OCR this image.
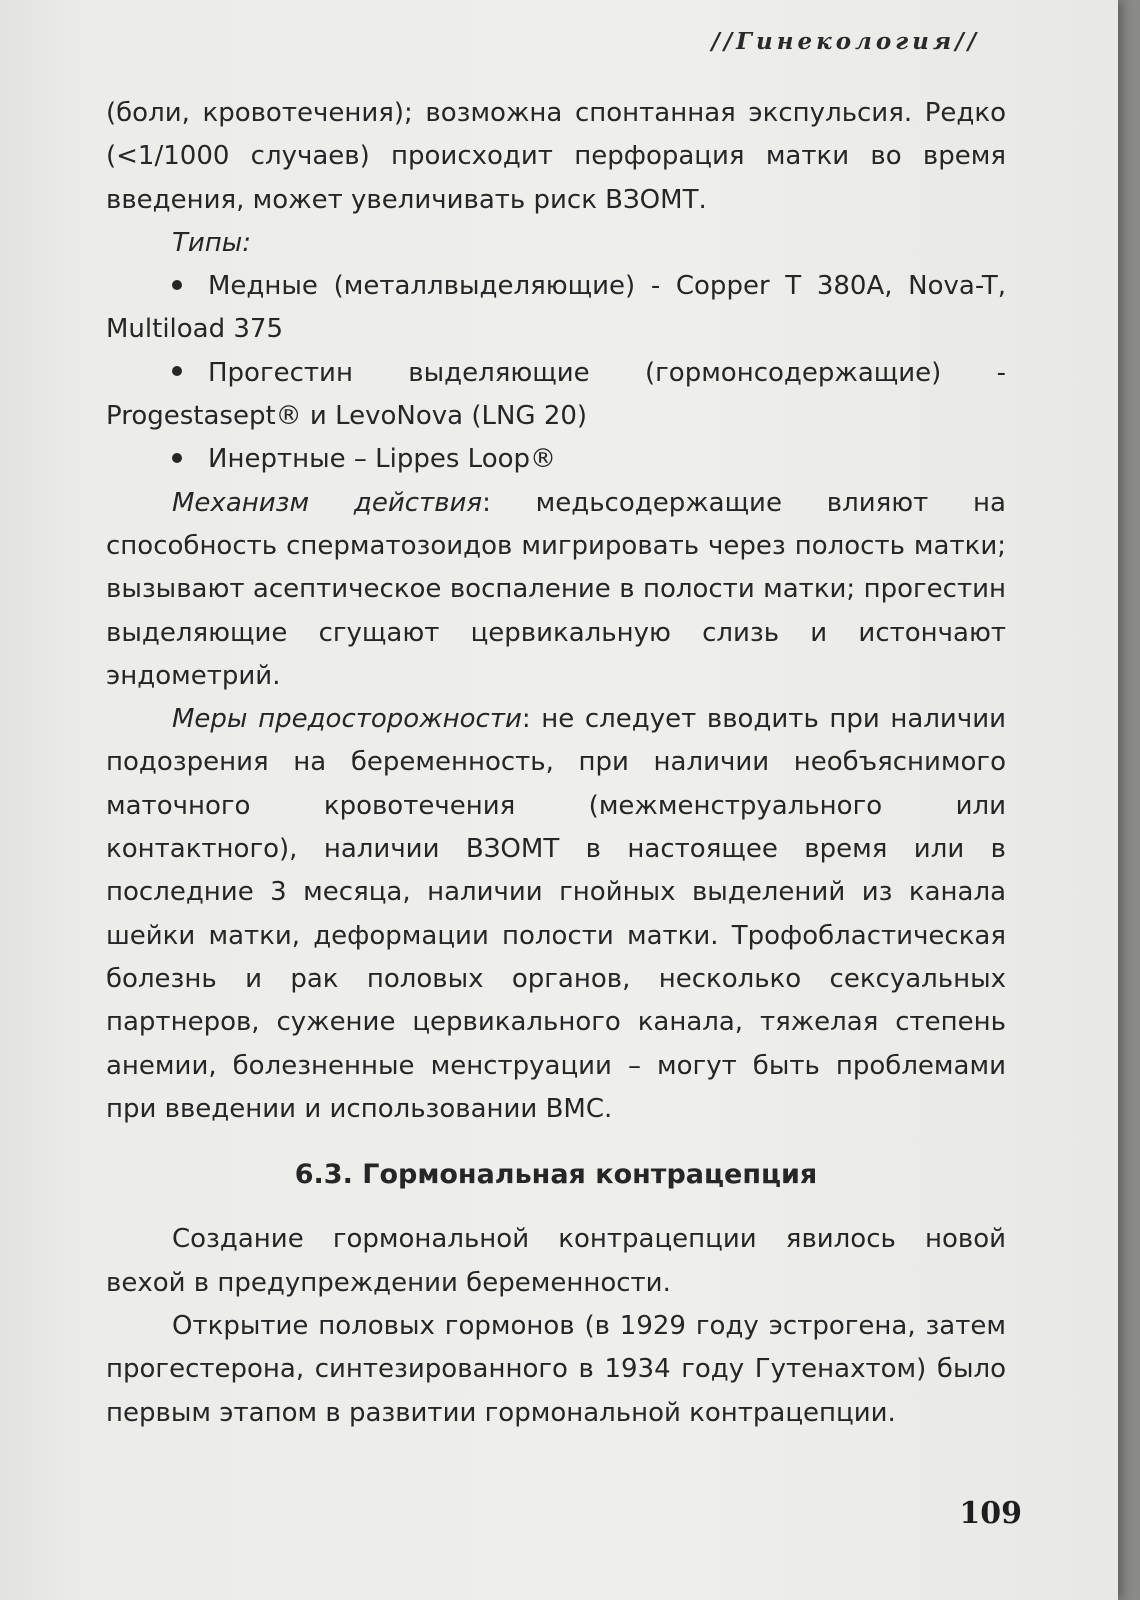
//Гинекология//

(боли, кровотечения); возможна спонтанная экспульсия. Редко (<1/1000 случаев) происходит перфорация матки во время введения, может увеличивать риск ВЗОМТ.

Типы:

Медные (металлвыделяющие) - Copper T 380A, Nova-T, Multiload 375

Прогестин выделяющие (гормонсодержащие) - Progestasept® и LevoNova (LNG 20)

Инертные – Lippes Loop®

Механизм действия: медьсодержащие влияют на способность сперматозоидов мигрировать через полость матки; вызывают асептическое воспаление в полости матки; прогестин выделяющие сгущают цервикальную слизь и истончают эндометрий.

Меры предосторожности: не следует вводить при наличии подозрения на беременность, при наличии необъяснимого маточного кровотечения (межменструального или контактного), наличии ВЗОМТ в настоящее время или в последние 3 месяца, наличии гнойных выделений из канала шейки матки, деформации полости матки. Трофобластическая болезнь и рак половых органов, несколько сексуальных партнеров, сужение цервикального канала, тяжелая степень анемии, болезненные менструации – могут быть проблемами при введении и использовании ВМС.

6.3. Гормональная контрацепция

Создание гормональной контрацепции явилось новой вехой в предупреждении беременности.

Открытие половых гормонов (в 1929 году эстрогена, затем прогестерона, синтезированного в 1934 году Гутенахтом) было первым этапом в развитии гормональной контрацепции.

109
